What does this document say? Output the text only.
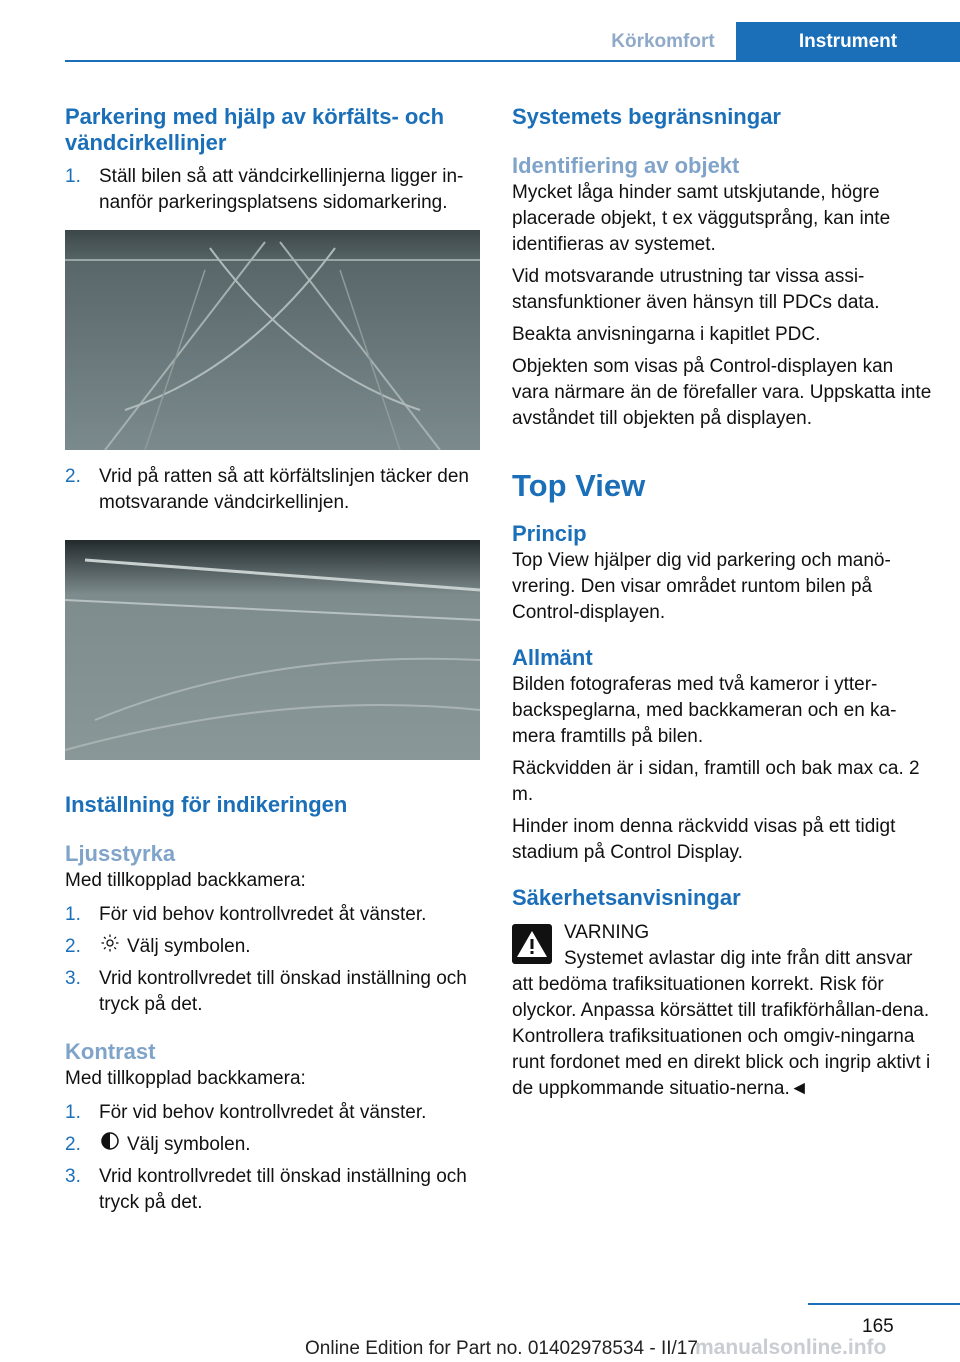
Körkomfort	Instrument
Parkering med hjälp av körfälts- och vändcirkellinjer
1. Ställ bilen så att vändcirkellinjerna ligger in-nanför parkeringsplatsens sidomarkering.
2. Vrid på ratten så att körfältslinjen täcker den motsvarande vändcirkellinjen.
Inställning för indikeringen
Ljusstyrka

Med tillkopplad backkamera:

1. För vid behov kontrollvredet åt vänster.
2.	Välj symbolen.
3. Vrid kontrollvredet till önskad inställning och tryck på det.
Kontrast

Med tillkopplad backkamera:

1. För vid behov kontrollvredet åt vänster.
2.	Välj symbolen.
3. Vrid kontrollvredet till önskad inställning och tryck på det.
Systemets begränsningar
Identifiering av objekt

Mycket låga hinder samt utskjutande, högre placerade objekt, t ex väggutsprång, kan inte identifieras av systemet.

Vid motsvarande utrustning tar vissa assi-stansfunktioner även hänsyn till PDCs data.

Beakta anvisningarna i kapitlet PDC.

Objekten som visas på Control-displayen kan vara närmare än de förefaller vara. Uppskatta inte avståndet till objekten på displayen.

Top View
Princip

Top View hjälper dig vid parkering och manö-vrering. Den visar området runtom bilen på Control-displayen.

Allmänt

Bilden fotograferas med två kameror i ytter-backspeglarna, med backkameran och en ka-mera framtills på bilen.

Räckvidden är i sidan, framtill och bak max ca. 2 m.

Hinder inom denna räckvidd visas på ett tidigt stadium på Control Display.

Säkerhetsanvisningar

VARNING

Systemet avlastar dig inte från ditt ansvar att bedöma trafiksituationen korrekt. Risk för olyckor. Anpassa körsättet till trafikförhållan-dena. Kontrollera trafiksituationen och omgiv-ningarna runt fordonet med en direkt blick och ingrip aktivt i de uppkommande situatio-nerna.◄

165
Online Edition for Part no. 01402978534 - II/17
manualsonline.info
